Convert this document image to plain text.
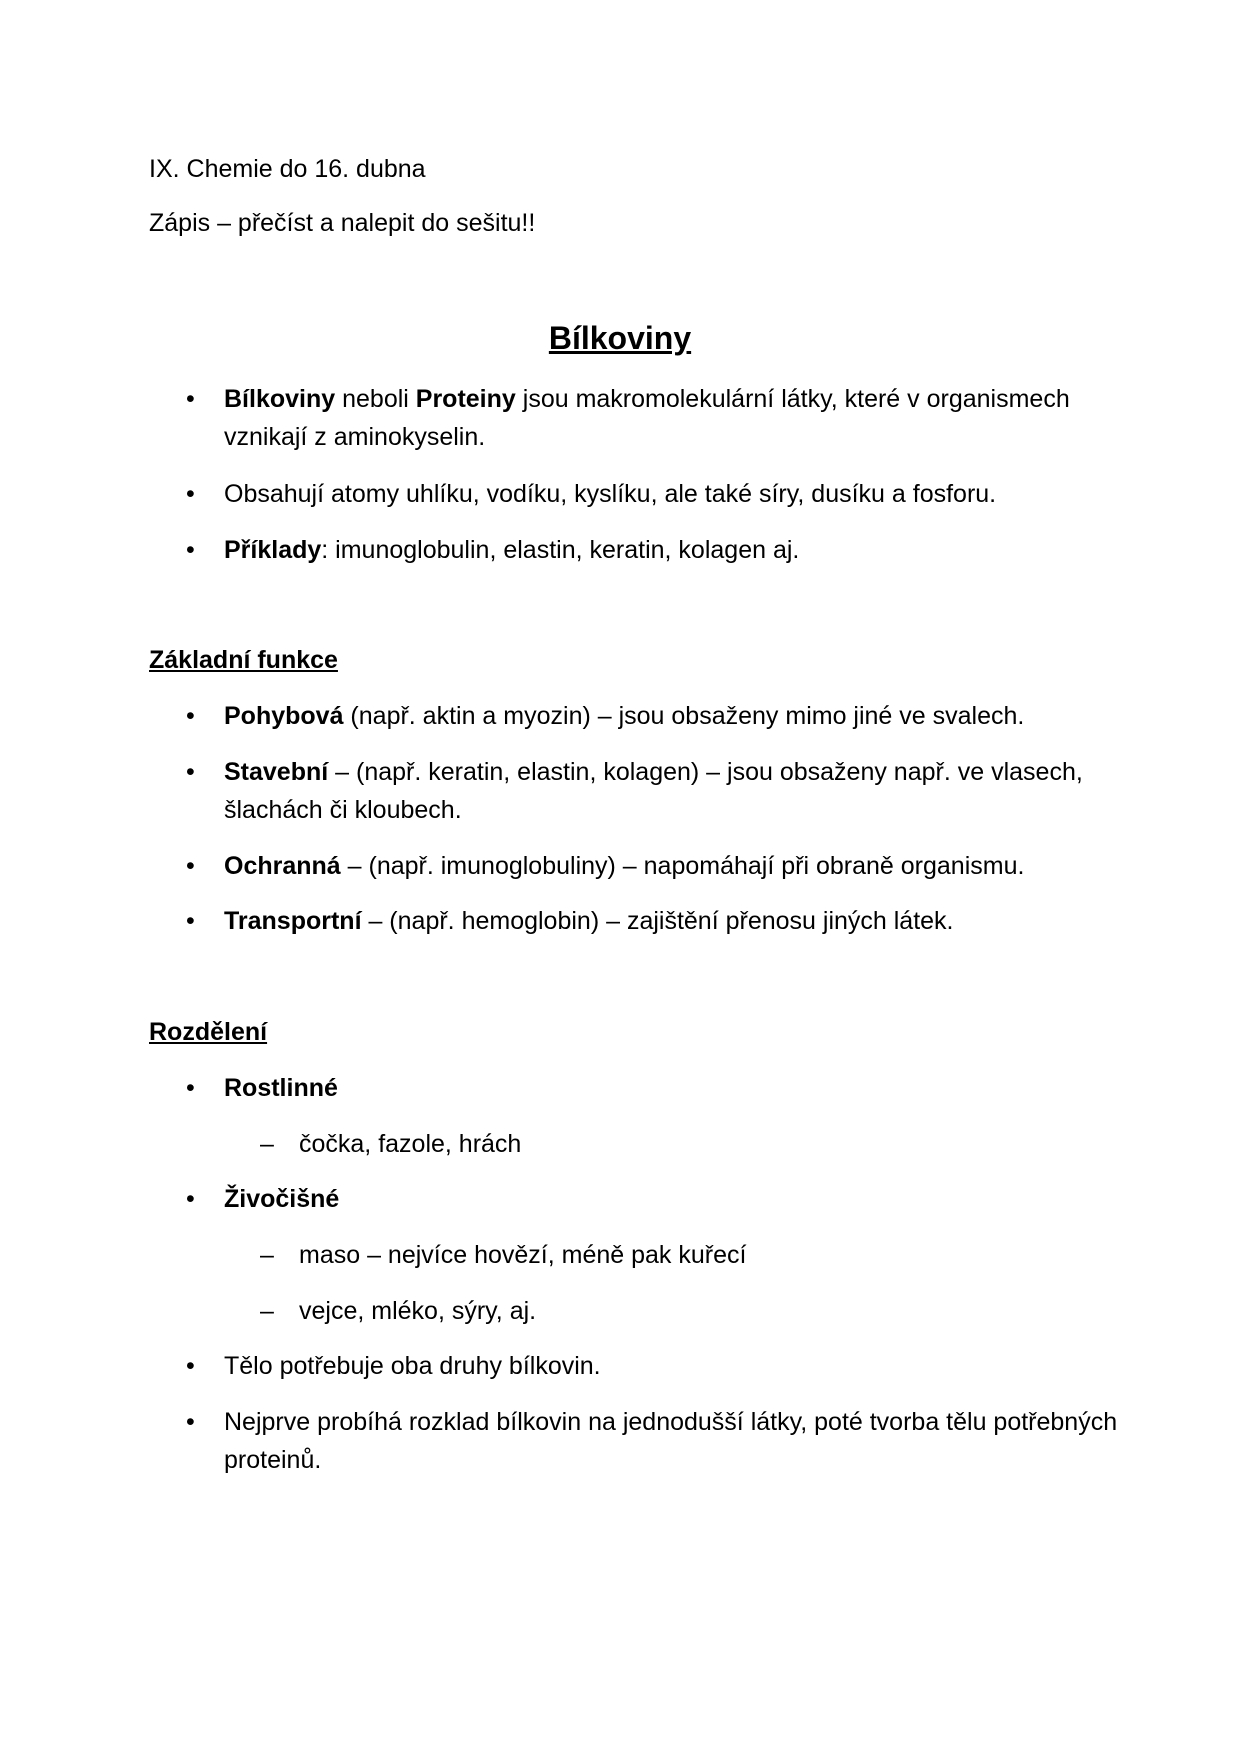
IX. Chemie do 16. dubna

Zápis – přečíst a nalepit do sešitu!!

Bílkoviny
• Bílkoviny neboli Proteiny jsou makromolekulární látky, které v organismech vznikají z aminokyselin.
• Obsahují atomy uhlíku, vodíku, kyslíku, ale také síry, dusíku a fosforu.
• Příklady: imunoglobulin, elastin, keratin, kolagen aj.

Základní funkce

• Pohybová (např. aktin a myozin) – jsou obsaženy mimo jiné ve svalech.
• Stavební – (např. keratin, elastin, kolagen) – jsou obsaženy např. ve vlasech, šlachách či kloubech.
• Ochranná – (např. imunoglobuliny) – napomáhají při obraně organismu.
• Transportní – (např. hemoglobin) – zajištění přenosu jiných látek.

Rozdělení

• Rostlinné
– čočka, fazole, hrách
• Živočišné
– maso – nejvíce hovězí, méně pak kuřecí
– vejce, mléko, sýry, aj.
• Tělo potřebuje oba druhy bílkovin.
• Nejprve probíhá rozklad bílkovin na jednodušší látky, poté tvorba tělu potřebných proteinů.
